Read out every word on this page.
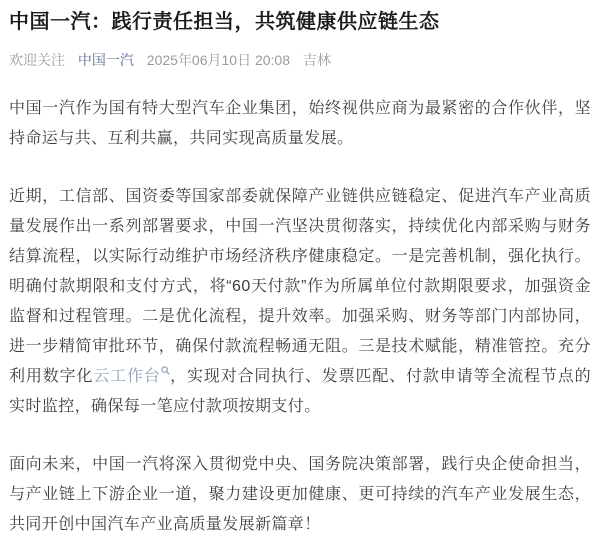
中国一汽：践行责任担当，共筑健康供应链生态
欢迎关注 中国一汽 2025年06月10日 20:08 吉林

中国一汽作为国有特大型汽车企业集团，始终视供应商为最紧密的合作伙伴，坚持命运与共、互利共赢，共同实现高质量发展。

近期，工信部、国资委等国家部委就保障产业链供应链稳定、促进汽车产业高质量发展作出一系列部署要求，中国一汽坚决贯彻落实，持续优化内部采购与财务结算流程，以实际行动维护市场经济秩序健康稳定。一是完善机制，强化执行。明确付款期限和支付方式，将“60天付款”作为所属单位付款期限要求，加强资金监督和过程管理。二是优化流程，提升效率。加强采购、财务等部门内部协同，进一步精简审批环节，确保付款流程畅通无阻。三是技术赋能，精准管控。充分利用数字化云工作台 ，实现对合同执行、发票匹配、付款申请等全流程节点的实时监控，确保每一笔应付款项按期支付。

面向未来，中国一汽将深入贯彻党中央、国务院决策部署，践行央企使命担当，与产业链上下游企业一道，聚力建设更加健康、更可持续的汽车产业发展生态，共同开创中国汽车产业高质量发展新篇章！
